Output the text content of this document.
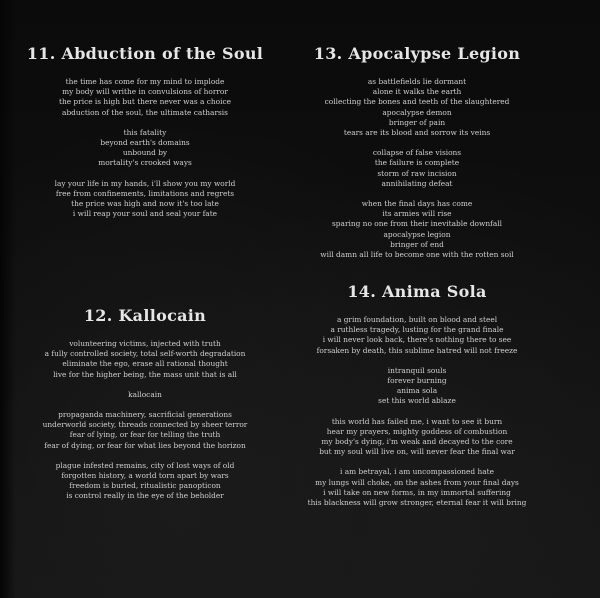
11. Abduction of the Soul
the time has come for my mind to implode
my body will writhe in convulsions of horror
the price is high but there never was a choice
abduction of the soul, the ultimate catharsis
this fatality
beyond earth's domains
unbound by
mortality's crooked ways
lay your life in my hands, i'll show you my world
free from confinements, limitations and regrets
the price was high and now it's too late
i will reap your soul and seal your fate
12. Kallocain
volunteering victims, injected with truth
a fully controlled society, total self-worth degradation
eliminate the ego, erase all rational thought
live for the higher being, the mass unit that is all
kallocain
propaganda machinery, sacrificial generations
underworld society, threads connected by sheer terror
fear of lying, or fear for telling the truth
fear of dying, or fear for what lies beyond the horizon
plague infested remains, city of lost ways of old
forgotten history, a world torn apart by wars
freedom is buried, ritualistic panopticon
is control really in the eye of the beholder
13. Apocalypse Legion
as battlefields lie dormant
alone it walks the earth
collecting the bones and teeth of the slaughtered
apocalypse demon
bringer of pain
tears are its blood and sorrow its veins
collapse of false visions
the failure is complete
storm of raw incision
annihilating defeat
when the final days has come
its armies will rise
sparing no one from their inevitable downfall
apocalypse legion
bringer of end
will damn all life to become one with the rotten soil
14. Anima Sola
a grim foundation, built on blood and steel
a ruthless tragedy, lusting for the grand finale
i will never look back, there's nothing there to see
forsaken by death, this sublime hatred will not freeze
intranquil souls
forever burning
anima sola
set this world ablaze
this world has failed me, i want to see it burn
hear my prayers, mighty goddess of combustion
my body's dying, i'm weak and decayed to the core
but my soul will live on, will never fear the final war
i am betrayal, i am uncompassioned hate
my lungs will choke, on the ashes from your final days
i will take on new forms, in my immortal suffering
this blackness will grow stronger, eternal fear it will bring
